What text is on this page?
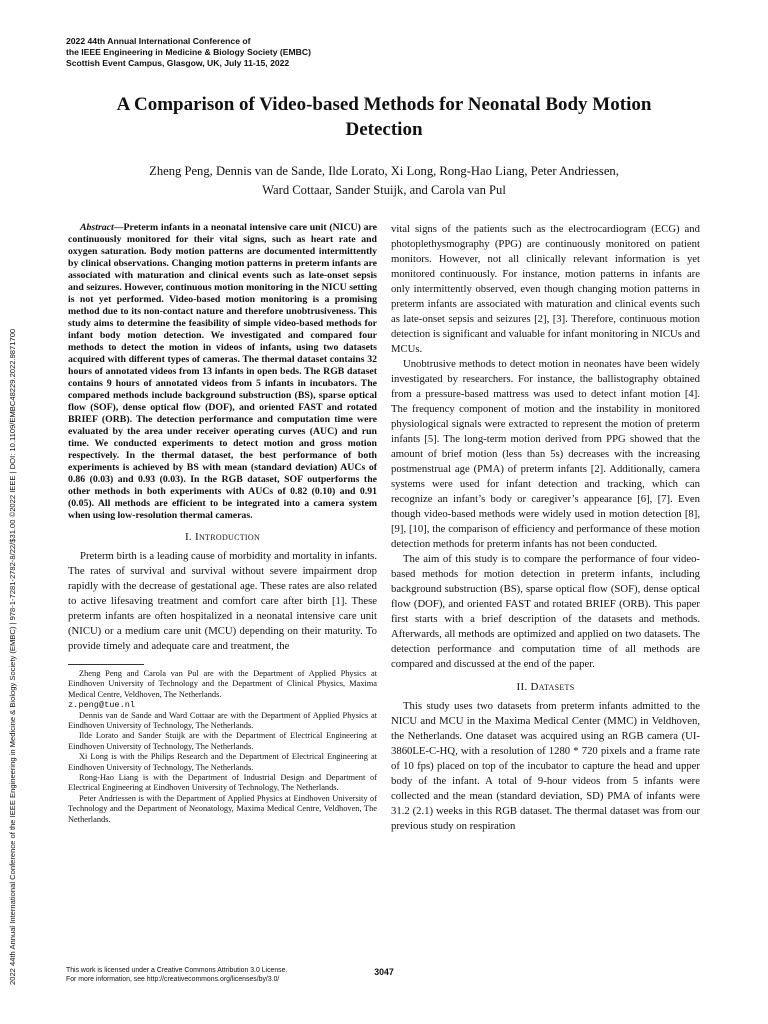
2022 44th Annual International Conference of
the IEEE Engineering in Medicine & Biology Society (EMBC)
Scottish Event Campus, Glasgow, UK, July 11-15, 2022
2022 44th Annual International Conference of the IEEE Engineering in Medicine & Biology Society (EMBC) | 978-1-7281-2782-8/22/$31.00 ©2022 IEEE | DOI: 10.1109/EMBC48229.2022.9871700
A Comparison of Video-based Methods for Neonatal Body Motion
Detection
Zheng Peng, Dennis van de Sande, Ilde Lorato, Xi Long, Rong-Hao Liang, Peter Andriessen,
Ward Cottaar, Sander Stuijk, and Carola van Pul

Abstract — Preterm infants in a neonatal intensive care unit (NICU) are continuously monitored for their vital signs, such as heart rate and oxygen saturation. Body motion patterns are documented intermittently by clinical observations. Changing motion patterns in preterm infants are associated with maturation and clinical events such as late-onset sepsis and seizures. However, continuous motion monitoring in the NICU setting is not yet performed. Video-based motion monitoring is a promising method due to its non-contact nature and therefore unobtrusiveness. This study aims to determine the feasibility of simple video-based methods for infant body motion detection. We investigated and compared four methods to detect the motion in videos of infants, using two datasets acquired with different types of cameras. The thermal dataset contains 32 hours of annotated videos from 13 infants in open beds. The RGB dataset contains 9 hours of annotated videos from 5 infants in incubators. The compared methods include background substruction (BS), sparse optical flow (SOF), dense optical flow (DOF), and oriented FAST and rotated BRIEF (ORB). The detection performance and computation time were evaluated by the area under receiver operating curves (AUC) and run time. We conducted experiments to detect motion and gross motion respectively. In the thermal dataset, the best performance of both experiments is achieved by BS with mean (standard deviation) AUCs of 0.86 (0.03) and 0.93 (0.03). In the RGB dataset, SOF outperforms the other methods in both experiments with AUCs of 0.82 (0.10) and 0.91 (0.05). All methods are efficient to be integrated into a camera system when using low-resolution thermal cameras.

I. Introduction

Preterm birth is a leading cause of morbidity and mortality in infants. The rates of survival and survival without severe impairment drop rapidly with the decrease of gestational age. These rates are also related to active lifesaving treatment and comfort care after birth [1]. These preterm infants are often hospitalized in a neonatal intensive care unit (NICU) or a medium care unit (MCU) depending on their maturity. To provide timely and adequate care and treatment, the

Zheng Peng and Carola van Pul are with the Department of Applied Physics at Eindhoven University of Technology and the Department of Clinical Physics, Maxima Medical Centre, Veldhoven, The Netherlands.

z.peng@tue.nl

Dennis van de Sande and Ward Cottaar are with the Department of Applied Physics at Eindhoven University of Technology, The Netherlands.

Ilde Lorato and Sander Stuijk are with the Department of Electrical Engineering at Eindhoven University of Technology, The Netherlands.

Xi Long is with the Philips Research and the Department of Electrical Engineering at Eindhoven University of Technology, The Netherlands.

Rong-Hao Liang is with the Department of Industrial Design and Department of Electrical Engineering at Eindhoven University of Technology, The Netherlands.

Peter Andriessen is with the Department of Applied Physics at Eindhoven University of Technology and the Department of Neonatology, Maxima Medical Centre, Veldhoven, The Netherlands.

vital signs of the patients such as the electrocardiogram (ECG) and photoplethysmography (PPG) are continuously monitored on patient monitors. However, not all clinically relevant information is yet monitored continuously. For instance, motion patterns in infants are only intermittently observed, even though changing motion patterns in preterm infants are associated with maturation and clinical events such as late-onset sepsis and seizures [2], [3]. Therefore, continuous motion detection is significant and valuable for infant monitoring in NICUs and MCUs.

Unobtrusive methods to detect motion in neonates have been widely investigated by researchers. For instance, the ballistography obtained from a pressure-based mattress was used to detect infant motion [4]. The frequency component of motion and the instability in monitored physiological signals were extracted to represent the motion of preterm infants [5]. The long-term motion derived from PPG showed that the amount of brief motion (less than 5s) decreases with the increasing postmenstrual age (PMA) of preterm infants [2]. Additionally, camera systems were used for infant detection and tracking, which can recognize an infant’s body or caregiver’s appearance [6], [7]. Even though video-based methods were widely used in motion detection [8], [9], [10], the comparison of efficiency and performance of these motion detection methods for preterm infants has not been conducted.

The aim of this study is to compare the performance of four video-based methods for motion detection in preterm infants, including background substruction (BS), sparse optical flow (SOF), dense optical flow (DOF), and oriented FAST and rotated BRIEF (ORB). This paper first starts with a brief description of the datasets and methods. Afterwards, all methods are optimized and applied on two datasets. The detection performance and computation time of all methods are compared and discussed at the end of the paper.

II. Datasets

This study uses two datasets from preterm infants admitted to the NICU and MCU in the Maxima Medical Center (MMC) in Veldhoven, the Netherlands. One dataset was acquired using an RGB camera (UI-3860LE-C-HQ, with a resolution of 1280 * 720 pixels and a frame rate of 10 fps) placed on top of the incubator to capture the head and upper body of the infant. A total of 9-hour videos from 5 infants were collected and the mean (standard deviation, SD) PMA of infants were 31.2 (2.1) weeks in this RGB dataset. The thermal dataset was from our previous study on respiration

This work is licensed under a Creative Commons Attribution 3.0 License.
For more information, see http://creativecommons.org/licenses/by/3.0/
3047
